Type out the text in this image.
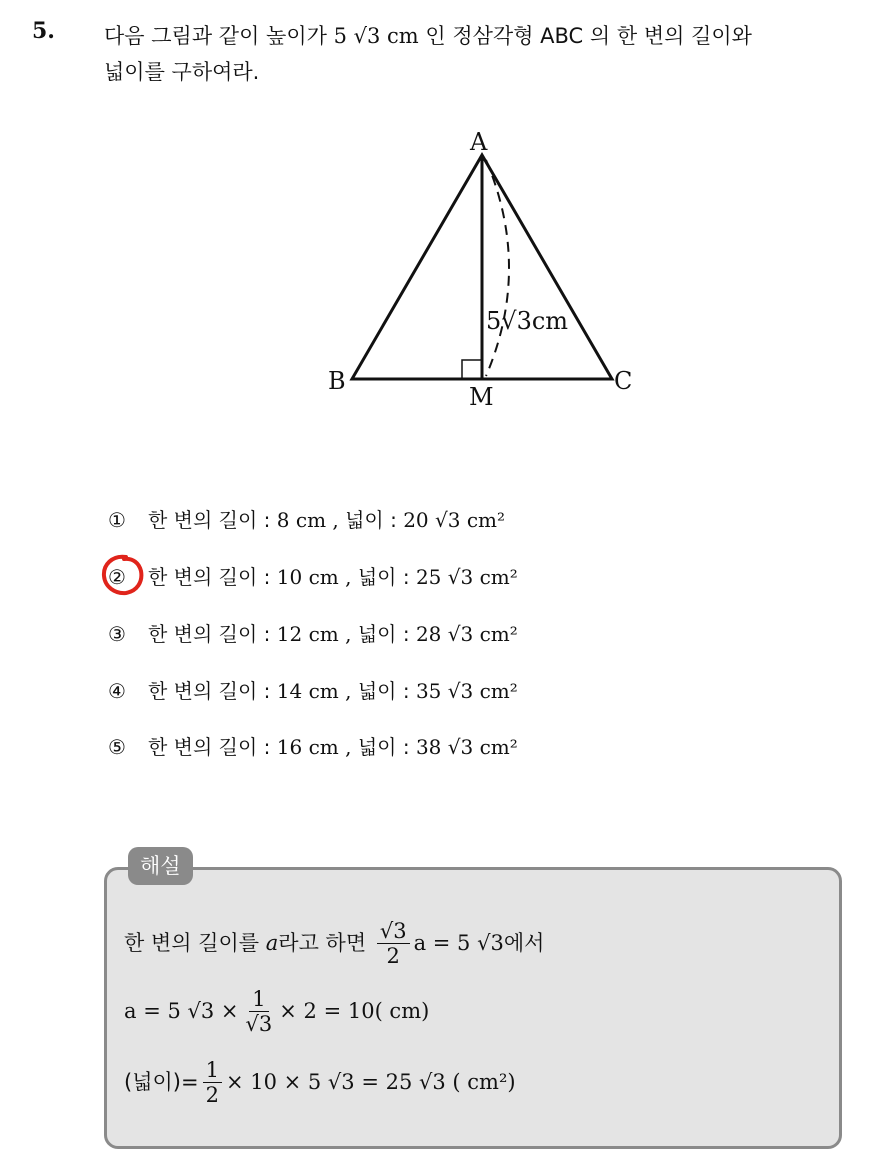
5. 다음 그림과 같이 높이가 5 √3 cm 인 정삼각형 ABC 의 한 변의 길이와
넓이를 구하여라.
A
B	C
M
5√3cm
① 한 변의 길이 : 8 cm , 넓이 : 20 √3 cm²
② 한 변의 길이 : 10 cm , 넓이 : 25 √3 cm²
③ 한 변의 길이 : 12 cm , 넓이 : 28 √3 cm²
④ 한 변의 길이 : 14 cm , 넓이 : 35 √3 cm²
⑤ 한 변의 길이 : 16 cm , 넓이 : 38 √3 cm²
해설
한 변의 길이를
a 라고 하면
$\frac{√3}{2}$ a = 5 √3 에서
a = 5 $√3 \times \frac{1}{√3} \times 2 = 10$( cm)
(넓이)= $\frac{1}{2} \times 10 \times 5$ √3 = 25 √3 ( cm²)
